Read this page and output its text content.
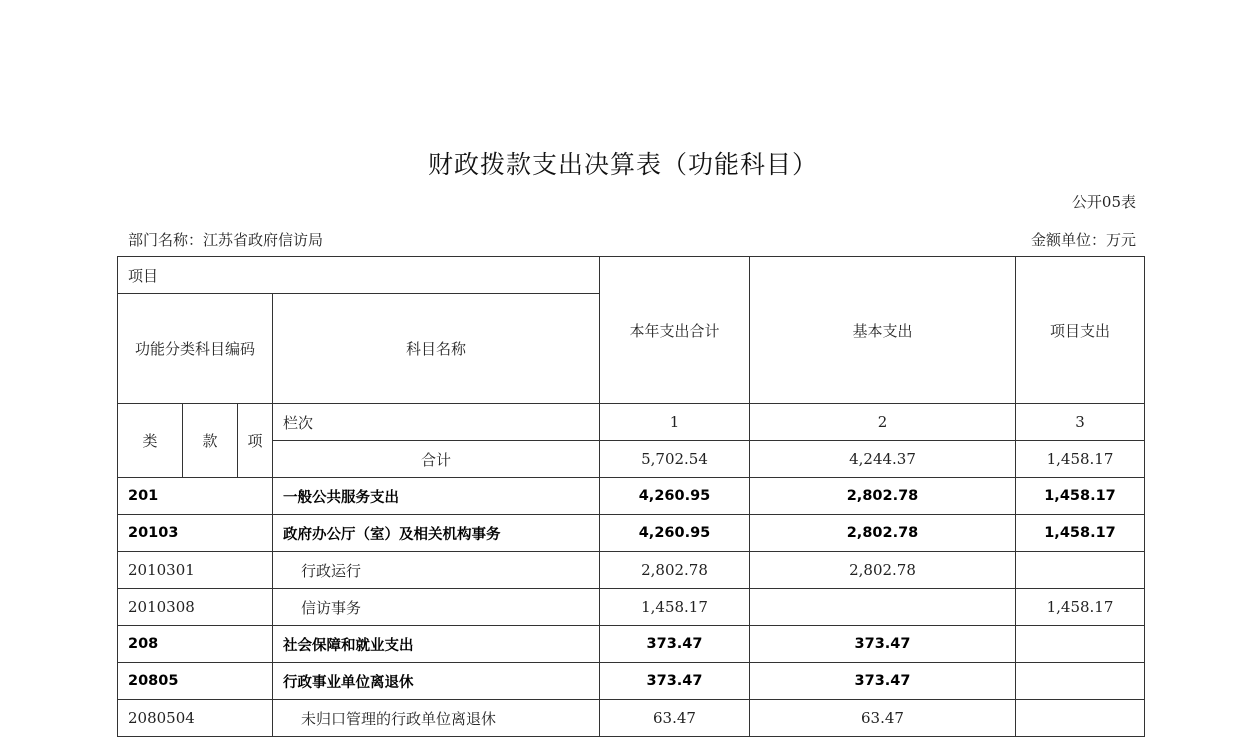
财政拨款支出决算表（功能科目）
公开05表
部门名称：江苏省政府信访局	金额单位：万元
项目				本年支出合计	基本支出	项目支出
功能分类科目编码			科目名称			
类	款	项	栏次	1	2	3
			合计	5,702.54	4,244.37	1,458.17
201			一般公共服务支出	4,260.95	2,802.78	1,458.17
20103			政府办公厅（室）及相关机构事务	4,260.95	2,802.78	1,458.17
2010301			行政运行	2,802.78	2,802.78	
2010308			信访事务	1,458.17		1,458.17
208			社会保障和就业支出	373.47	373.47	
20805			行政事业单位离退休	373.47	373.47	
2080504			未归口管理的行政单位离退休	63.47	63.47	
